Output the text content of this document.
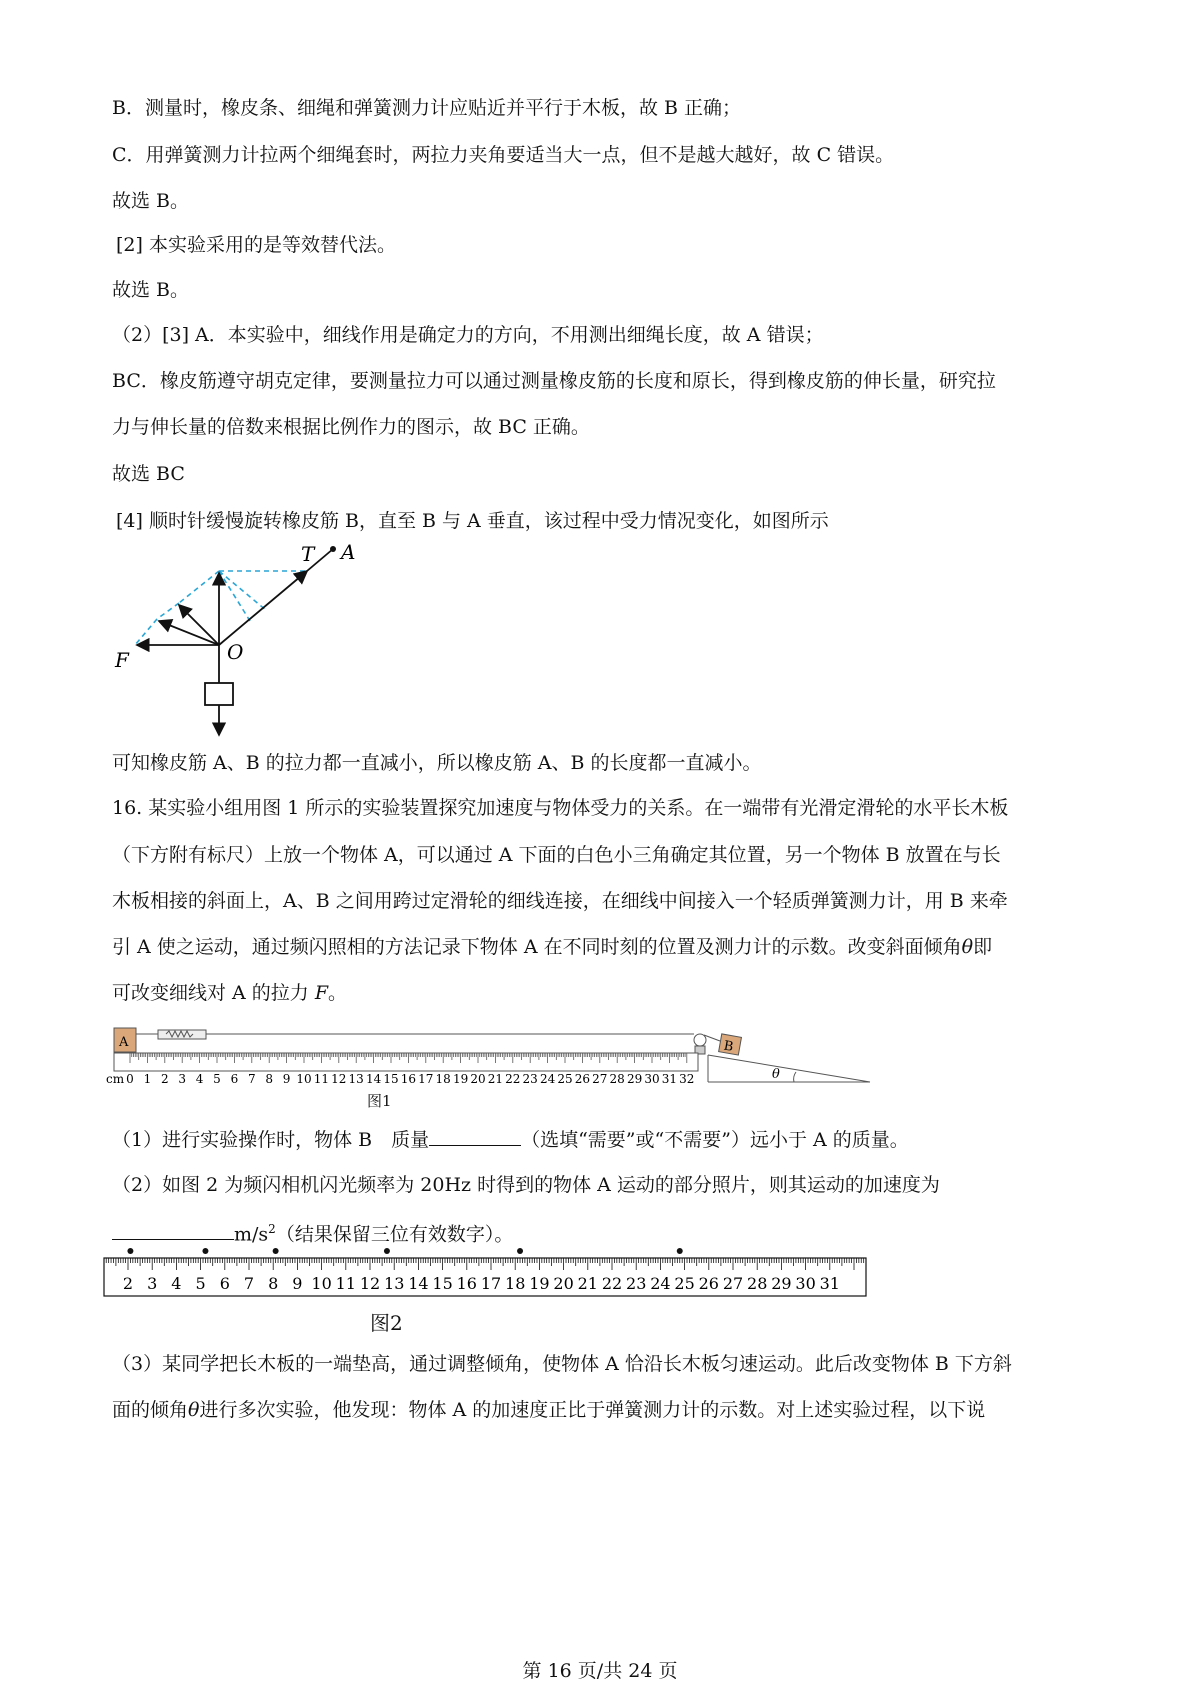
B．测量时，橡皮条、细绳和弹簧测力计应贴近并平行于木板，故 B 正确；
C．用弹簧测力计拉两个细绳套时，两拉力夹角要适当大一点，但不是越大越好，故 C 错误。
故选 B。
[2] 本实验采用的是等效替代法。
故选 B。
（2）[3] A．本实验中，细线作用是确定力的方向，不用测出细绳长度，故 A 错误；
BC．橡皮筋遵守胡克定律，要测量拉力可以通过测量橡皮筋的长度和原长，得到橡皮筋的伸长量，研究拉
力与伸长量的倍数来根据比例作力的图示，故 BC 正确。
故选 BC
[4] 顺时针缓慢旋转橡皮筋 B，直至 B 与 A 垂直，该过程中受力情况变化，如图所示
T A
F	O
可知橡皮筋 A、B 的拉力都一直减小，所以橡皮筋 A、B 的长度都一直减小。
16. 某实验小组用图 1 所示的实验装置探究加速度与物体受力的关系。在一端带有光滑定滑轮的水平长木板
（下方附有标尺）上放一个物体 A，可以通过 A 下面的白色小三角确定其位置，另一个物体 B 放置在与长
木板相接的斜面上，A、B 之间用跨过定滑轮的细线连接，在细线中间接入一个轻质弹簧测力计，用 B 来牵
引 A 使之运动，通过频闪照相的方法记录下物体 A 在不同时刻的位置及测力计的示数。改变斜面倾角θ即
可改变细线对 A 的拉力 F。
A	B
θ
cm 0 1 2 3 4 5 6 7 8 9 10 11 12 13 14 15 16 17 18 19 20 21 22 23 24 25 26 27 28 29 30 31 32
图1
（1）进行实验操作时，物体 B　质量	（选填“需要”或“不需要”）远小于 A 的质量。
（2）如图 2 为频闪相机闪光频率为 20Hz 时得到的物体 A 运动的部分照片，则其运动的加速度为
$m/s^2$（结果保留三位有效数字）。
2 3 4 5 6 7 8 9 10 11 12 13 14 15 16 17 18 19 20 21 22 23 24 25 26 27 28 29 30 31
图2
（3）某同学把长木板的一端垫高，通过调整倾角，使物体 A 恰沿长木板匀速运动。此后改变物体 B 下方斜
面的倾角θ进行多次实验，他发现：物体 A 的加速度正比于弹簧测力计的示数。对上述实验过程，以下说
第 16 页/共 24 页
